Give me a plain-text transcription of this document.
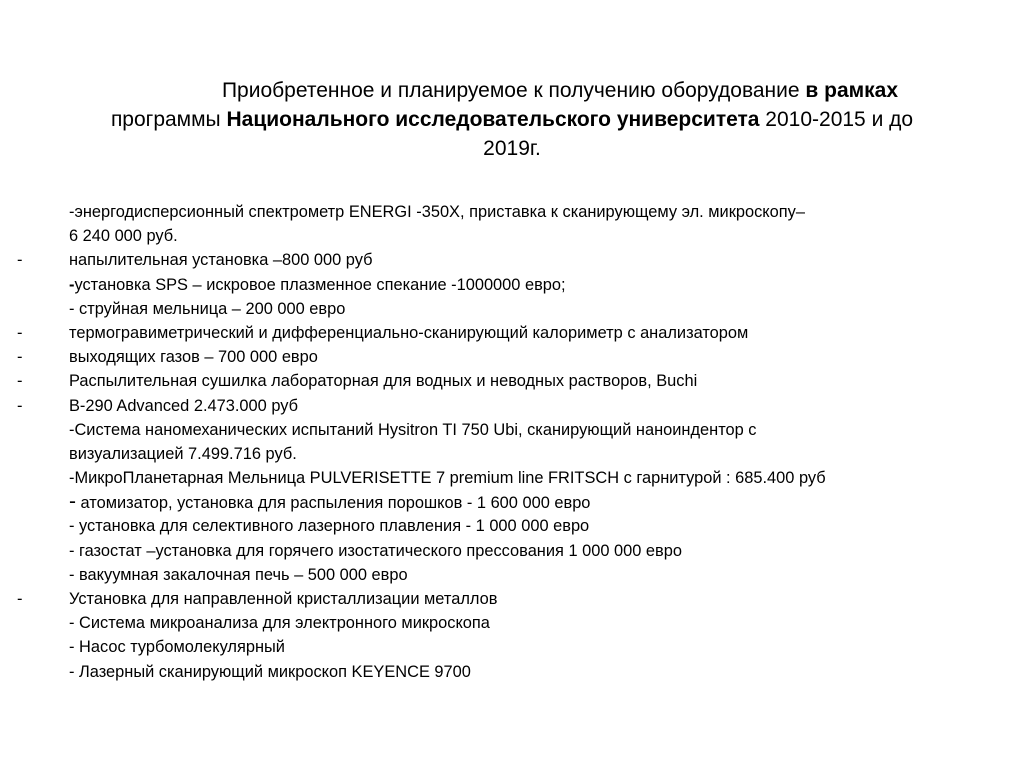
Приобретенное и планируемое к получению оборудование в рамках
программы Национального исследовательского университета 2010-2015 и до
2019г.
-энергодисперсионный спектрометр ENERGI -350X, приставка к сканирующему эл. микроскопу–
6 240 000 руб.
-	напылительная установка –800 000 руб
-установка SPS – искровое плазменное спекание -1000000 евро;
- струйная мельница – 200 000 евро
-	термогравиметрический и дифференциально-сканирующий калориметр с анализатором
-	выходящих газов – 700 000 евро
-	Распылительная сушилка лабораторная для водных и неводных растворов, Buchi
-	B-290 Advanced 2.473.000 руб
-Система наномеханических испытаний Hysitron TI 750 Ubi, сканирующий наноиндентор с
визуализацией 7.499.716 руб.
-МикроПланетарная Мельница PULVERISETTE 7 premium line FRITSCH с гарнитурой : 685.400 руб
- атомизатор, установка для распыления порошков - 1 600 000 евро
- установка для селективного лазерного плавления - 1 000 000 евро
- газостат –установка для горячего изостатического прессования 1 000 000 евро
- вакуумная закалочная печь – 500 000 евро
-	Установка для направленной кристаллизации металлов
- Система микроанализа для электронного микроскопа
- Насос турбомолекулярный
- Лазерный сканирующий микроскоп KEYENCE 9700
